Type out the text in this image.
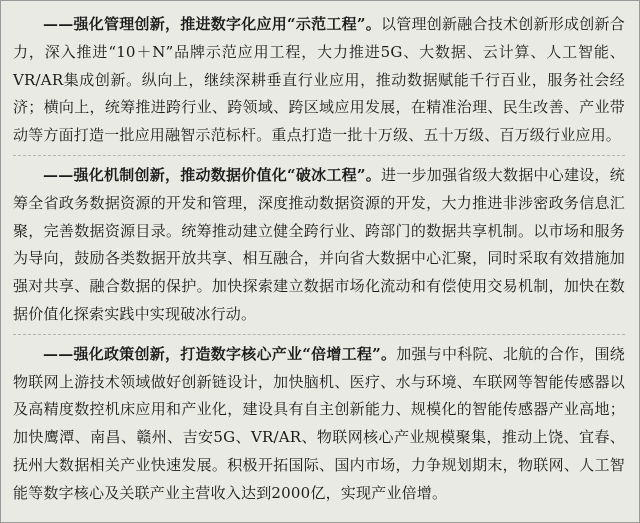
——强化管理创新，推进数字化应用“示范工程”。以管理创新融合技术创新形成创新合力，深入推进“10＋N”品牌示范应用工程，大力推进5G、大数据、云计算、人工智能、VR/AR集成创新。纵向上，继续深耕垂直行业应用，推动数据赋能千行百业，服务社会经济；横向上，统筹推进跨行业、跨领域、跨区域应用发展，在精准治理、民生改善、产业带动等方面打造一批应用融智示范标杆。重点打造一批十万级、五十万级、百万级行业应用。

——强化机制创新，推动数据价值化“破冰工程”。进一步加强省级大数据中心建设，统筹全省政务数据资源的开发和管理，深度推动数据资源的开发，大力推进非涉密政务信息汇聚，完善数据资源目录。统筹推动建立健全跨行业、跨部门的数据共享机制。以市场和服务为导向，鼓励各类数据开放共享、相互融合，并向省大数据中心汇聚，同时采取有效措施加强对共享、融合数据的保护。加快探索建立数据市场化流动和有偿使用交易机制，加快在数据价值化探索实践中实现破冰行动。

——强化政策创新，打造数字核心产业“倍增工程”。加强与中科院、北航的合作，围绕物联网上游技术领域做好创新链设计，加快脑机、医疗、水与环境、车联网等智能传感器以及高精度数控机床应用和产业化，建设具有自主创新能力、规模化的智能传感器产业高地；加快鹰潭、南昌、赣州、吉安5G、VR/AR、物联网核心产业规模聚集，推动上饶、宜春、抚州大数据相关产业快速发展。积极开拓国际、国内市场，力争规划期末，物联网、人工智能等数字核心及关联产业主营收入达到2000亿，实现产业倍增。
